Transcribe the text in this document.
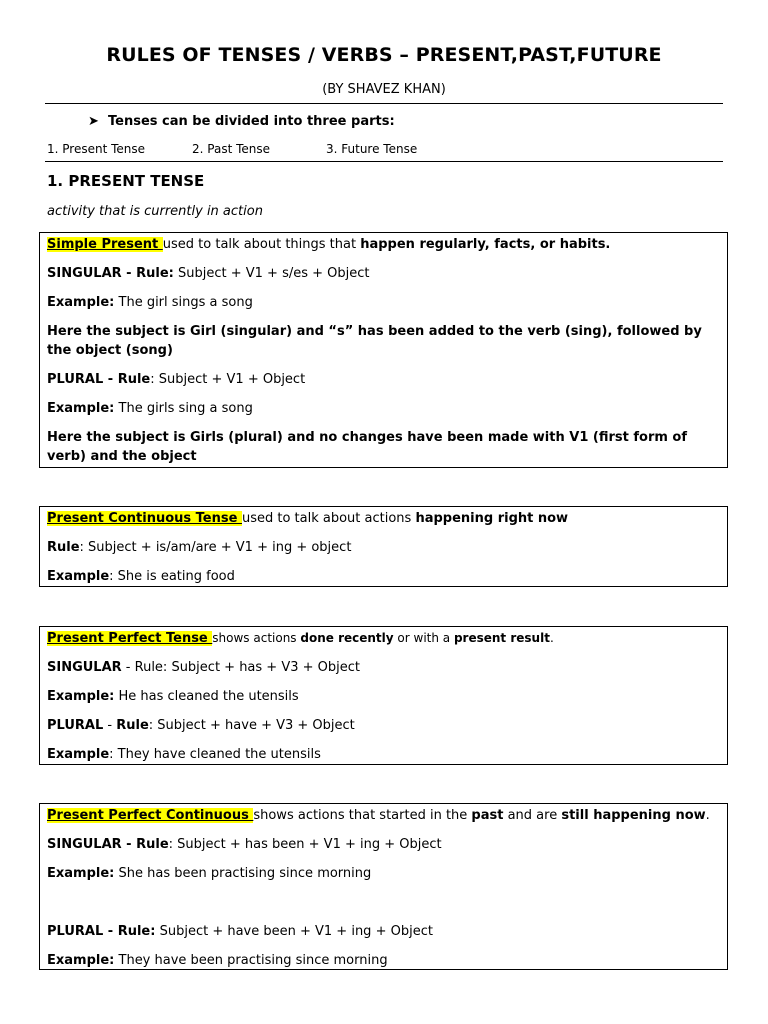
RULES OF TENSES / VERBS – PRESENT,PAST,FUTURE
(BY SHAVEZ KHAN)
➤ Tenses can be divided into three parts:
1. Present Tense	2. Past Tense	3. Future Tense
1. PRESENT TENSE
activity that is currently in action

Simple Present used to talk about things that happen regularly, facts, or habits.

SINGULAR - Rule: Subject + V1 + s/es + Object

Example: The girl sings a song

Here the subject is Girl (singular) and “s” has been added to the verb (sing), followed by the object (song)

PLURAL - Rule: Subject + V1 + Object

Example: The girls sing a song

Here the subject is Girls (plural) and no changes have been made with V1 (first form of verb) and the object

Present Continuous Tense used to talk about actions happening right now

Rule: Subject + is/am/are + V1 + ing + object

Example: She is eating food

Present Perfect Tense shows actions done recently or with a present result.

SINGULAR - Rule: Subject + has + V3 + Object

Example: He has cleaned the utensils

PLURAL - Rule: Subject + have + V3 + Object

Example: They have cleaned the utensils

Present Perfect Continuous shows actions that started in the past and are still happening now.

SINGULAR - Rule: Subject + has been + V1 + ing + Object

Example: She has been practising since morning

PLURAL - Rule: Subject + have been + V1 + ing + Object

Example: They have been practising since morning
